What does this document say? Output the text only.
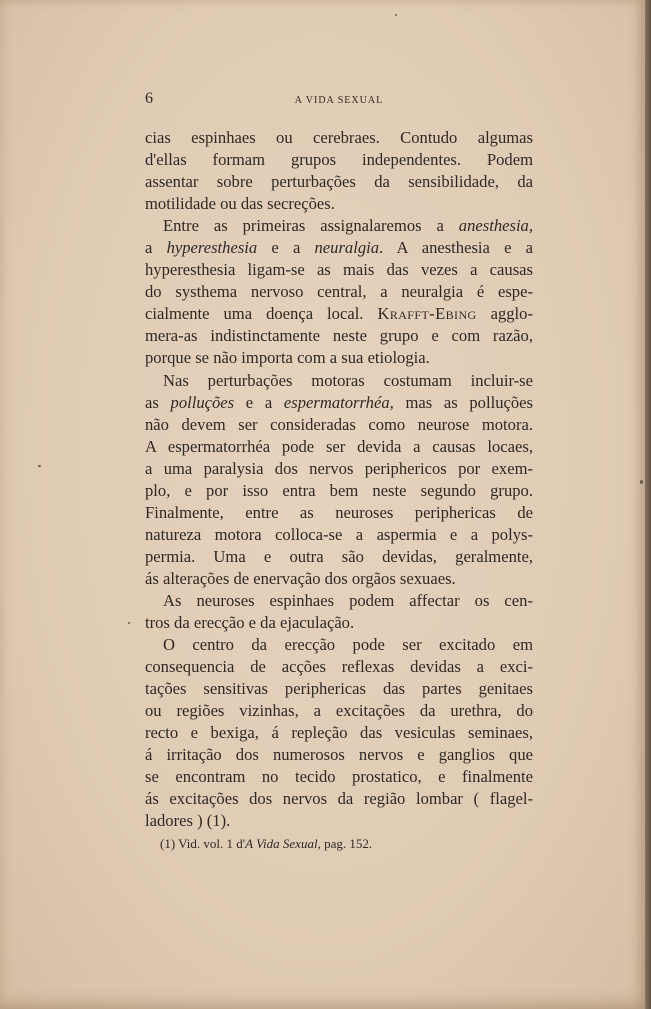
6	A VIDA SEXUAL
cias espinhaes ou cerebraes. Contudo algumas
d'ellas formam grupos independentes. Podem
assentar sobre perturbações da sensibilidade, da
motilidade ou das secreções.
Entre as primeiras assignalaremos a anesthesia,
a hyperesthesia e a neuralgia. A anesthesia e a
hyperesthesia ligam-se as mais das vezes a causas
do systhema nervoso central, a neuralgia é espe-
cialmente uma doença local. Krafft-Ebing agglo-
mera-as indistinctamente neste grupo e com razão,
porque se não importa com a sua etiologia.
Nas perturbações motoras costumam incluir-se
as polluções e a espermatorrhéa, mas as polluções
não devem ser consideradas como neurose motora.
A espermatorrhéa pode ser devida a causas locaes,
a uma paralysia dos nervos periphericos por exem-
plo, e por isso entra bem neste segundo grupo.
Finalmente, entre as neuroses periphericas de
natureza motora colloca-se a aspermia e a polys-
permia. Uma e outra são devidas, geralmente,
ás alterações de enervação dos orgãos sexuaes.
As neuroses espinhaes podem affectar os cen-
tros da erecção e da ejaculação.
O centro da erecção pode ser excitado em
consequencia de acções reflexas devidas a exci-
tações sensitivas periphericas das partes genitaes
ou regiões vizinhas, a excitações da urethra, do
recto e bexiga, á repleção das vesiculas seminaes,
á irritação dos numerosos nervos e ganglios que
se encontram no tecido prostatico, e finalmente
ás excitações dos nervos da região lombar ( flagel-
ladores ) (1).
(1) Vid. vol. 1 d'A Vida Sexual, pag. 152.
